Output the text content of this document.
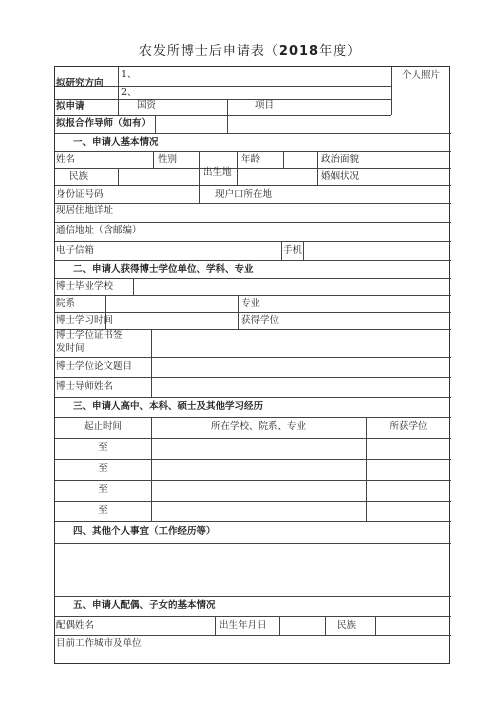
农发所博士后申请表（2018年度）
拟研究方向
1、
2、
个人照片
拟申请	国资	项目
拟报合作导师（如有）
一、申请人基本情况
姓名	性别	年龄	政治面貌
民族	出生地	婚姻状况
身份证号码	现户口所在地
现居住地详址
通信地址（含邮编）
电子信箱	手机
二、申请人获得博士学位单位、学科、专业
博士毕业学校
院系	专业
博士学习时间	获得学位
博士学位证书签
发时间
博士学位论文题目
博士导师姓名
三、申请人高中、本科、硕士及其他学习经历
起止时间	所在学校、院系、专业	所获学位
至
至
至
至
四、其他个人事宜（工作经历等）
五、申请人配偶、子女的基本情况
配偶姓名	出生年月日	民族
目前工作城市及单位
